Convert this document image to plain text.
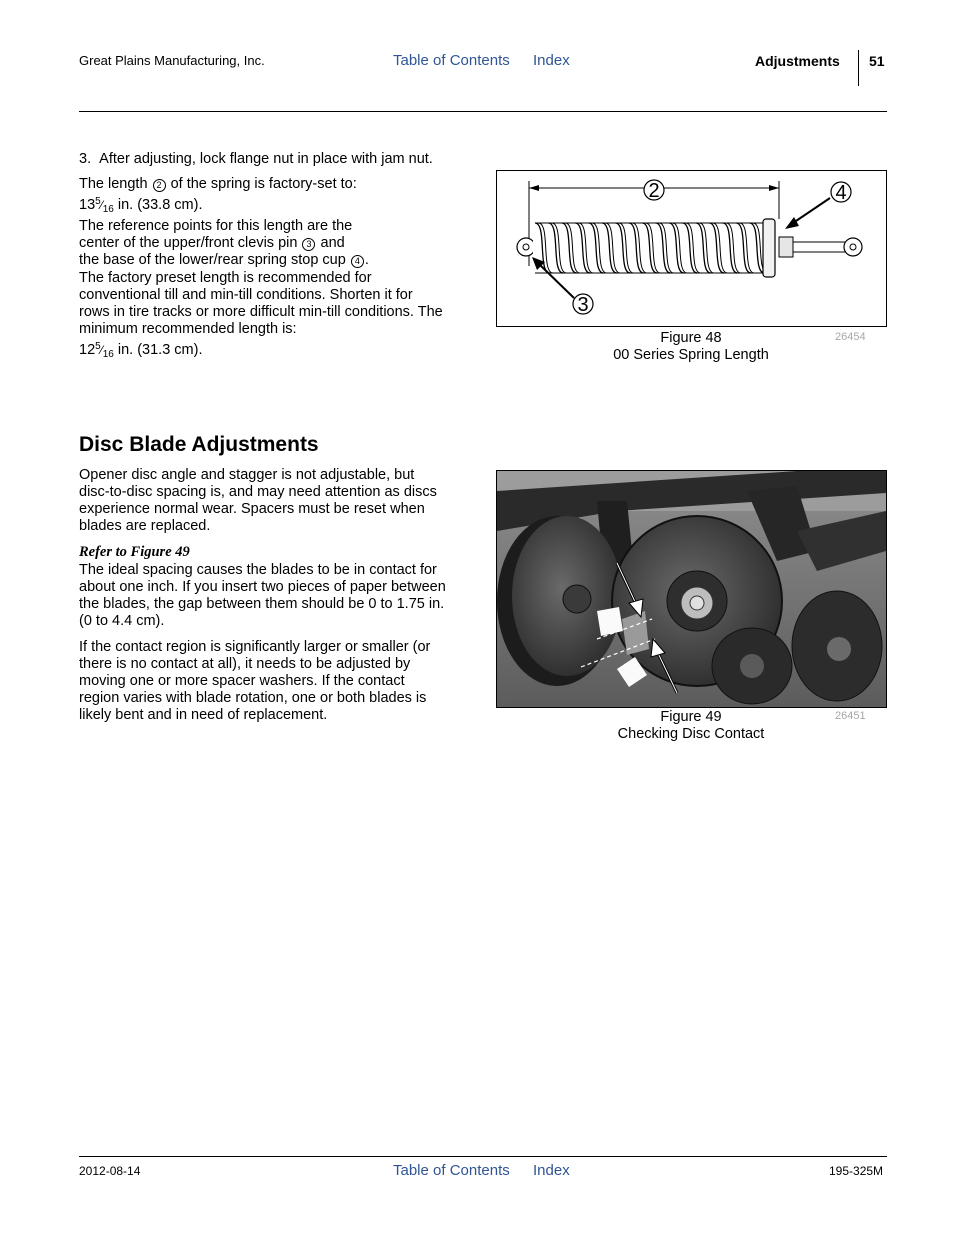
Great Plains Manufacturing, Inc.	Table of Contents Index	Adjustments 51
3. After adjusting, lock flange nut in place with jam nut.

The length 2 of the spring is factory-set to:

$13^5⁄_{16}$ in. (33.8 cm).

The reference points for this length are the

center of the upper/front clevis pin 3 and

the base of the lower/rear spring stop cup 4 .

The factory preset length is recommended for

conventional till and min-till conditions. Shorten it for

rows in tire tracks or more difficult min-till conditions. The

minimum recommended length is:

$12^5⁄_{16}$ in. (31.3 cm).

2	4
3
Figure 48
00 Series Spring Length
26454
Disc Blade Adjustments

Opener disc angle and stagger is not adjustable, but

disc-to-disc spacing is, and may need attention as discs

experience normal wear. Spacers must be reset when

blades are replaced.

Refer to Figure 49

The ideal spacing causes the blades to be in contact for

about one inch. If you insert two pieces of paper between

the blades, the gap between them should be 0 to 1.75 in.

(0 to 4.4 cm).

If the contact region is significantly larger or smaller (or

there is no contact at all), it needs to be adjusted by

moving one or more spacer washers. If the contact

region varies with blade rotation, one or both blades is

likely bent and in need of replacement.	Figure 49
Checking Disc Contact
26451
2012-08-14	Table of Contents Index	195-325M
